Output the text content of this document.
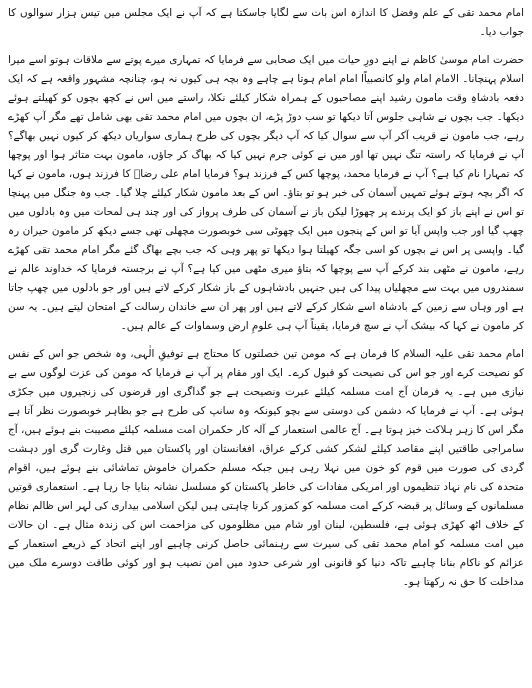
امام محمد تقی کے علم وفضل کا اندازہ اس بات سے لگایا جاسکتا ہے کہ آپ نے ایک مجلس میں تیس ہزار سوالوں کا جواب دیا۔

حضرت امام موسیٰ کاظم نے اپنے دورِ حیات میں ایک صحابی سے فرمایا کہ تمہاری میرے پوتے سے ملاقات ہوتو اسے میرا اسلام پہنچانا۔ الامام امام ولو کانصبیاًا امام امام ہوتا ہے چاہے وہ بچہ ہی کیوں نہ ہو، چنانچہ مشہور واقعہ ہے کہ ایک دفعہ بادشاہِ وقت مامون رشید اپنے مصاحبوں کے ہمراہ شکار کیلئے نکلا، راستے میں اس نے کچھ بچوں کو کھیلتے ہوئے دیکھا۔ جب بچوں نے شاہی جلوس آتا دیکھا تو سب دوڑ پڑے، ان بچوں میں امام محمد تقی بھی شامل تھے مگر آپ کھڑے رہے، جب مامون نے قریب آکر آپ سے سوال کیا کہ آپ دیگر بچوں کی طرح ہماری سواریاں دیکھ کر کیوں نہیں بھاگے؟ آپ نے فرمایا کہ راستہ تنگ نہیں تھا اور میں نے کوئی جرم نہیں کیا کہ بھاگ کر جاؤں، مامون بہت متاثر ہوا اور پوچھا کہ تمہارا نام کیا ہے؟ آپ نے فرمایا محمد، پوچھا کس کے فرزند ہو؟ فرمایا امام علی رضاؑ کا فرزند ہوں، مامون نے کہا کہ اگر بچہ ہوتے ہوئے تمہیں آسمان کی خبر ہو تو بتاؤ۔ اس کے بعد مامون شکار کیلئے چلا گیا۔ جب وہ جنگل میں پہنچا تو اس نے اپنے باز کو ایک پرندے پر چھوڑا لیکن باز نے آسمان کی طرف پرواز کی اور چند ہی لمحات میں وہ بادلوں میں چھپ گیا اور جب واپس آیا تو اس کے پنجوں میں ایک چھوٹی سی خوبصورت مچھلی تھی جسے دیکھ کر مامون حیران رہ گیا۔ واپسی پر اس نے بچوں کو اسی جگہ کھیلتا ہوا دیکھا تو پھر وہی کہ جب بچے بھاگ گئے مگر امام محمد تقی کھڑے رہے، مامون نے مٹھی بند کرکے آپ سے پوچھا کہ بتاؤ میری مٹھی میں کیا ہے؟ آپ نے برجستہ فرمایا کہ خداوند عالم نے سمندروں میں بہت سے مچھلیاں پیدا کی ہیں جنہیں بادشاہوں کے باز شکار کرکے لاتے ہیں اور جو بادلوں میں چھپ جاتا ہے اور وہاں سے زمین کے بادشاہ اسے شکار کرکے لاتے ہیں اور پھر ان سے خاندان رسالت کے امتحان لیتے ہیں۔ یہ سن کر مامون نے کہا کہ بیشک آپ نے سچ فرمایا، یقیناً آپ ہی علومِ ارض وسماوات کے عالم ہیں۔

امام محمد تقی علیہ السلام کا فرمان ہے کہ مومن تین خصلتوں کا محتاج ہے توفیقِ الٰہی، وہ شخص جو اس کے نفس کو نصیحت کرے اور جو اس کی نصیحت کو قبول کرے۔ ایک اور مقام پر آپ نے فرمایا کہ مومن کی عزت لوگوں سے بے نیازی میں ہے۔ یہ فرمان آج امت مسلمہ کیلئے عبرت ونصیحت ہے جو گداگری اور قرضوں کی زنجیروں میں جکڑی ہوئی ہے۔ آپ نے فرمایا کہ دشمن کی دوستی سے بچو کیونکہ وہ سانپ کی طرح ہے جو بظاہر خوبصورت نظر آتا ہے مگر اس کا زہر ہلاکت خیز ہوتا ہے۔ آج عالمی استعمار کے آلہ کار حکمران امت مسلمہ کیلئے مصیبت بنے ہوئے ہیں، آج سامراجی طاقتیں اپنے مقاصد کیلئے لشکر کشی کرکے عراق، افغانستان اور پاکستان میں قتل وغارت گری اور دہشت گردی کی صورت میں قوم کو خون میں نہلا رہی ہیں جبکہ مسلم حکمران خاموش تماشائی بنے ہوئے ہیں، اقوام متحدہ کی نام نہاد تنظیموں اور امریکی مفادات کی خاطر پاکستان کو مسلسل نشانہ بنایا جا رہا ہے۔ استعماری قوتیں مسلمانوں کے وسائل پر قبضہ کرکے امت مسلمہ کو کمزور کرنا چاہتی ہیں لیکن اسلامی بیداری کی لہر اس ظالم نظام کے خلاف اٹھ کھڑی ہوئی ہے، فلسطین، لبنان اور شام میں مظلوموں کی مزاحمت اس کی زندہ مثال ہے۔ ان حالات میں امت مسلمہ کو امام محمد تقی کی سیرت سے رہنمائی حاصل کرنی چاہیے اور اپنے اتحاد کے ذریعے استعمار کے عزائم کو ناکام بنانا چاہیے تاکہ دنیا کو قانونی اور شرعی حدود میں امن نصیب ہو اور کوئی طاقت دوسرے ملک میں مداخلت کا حق نہ رکھتا ہو۔
